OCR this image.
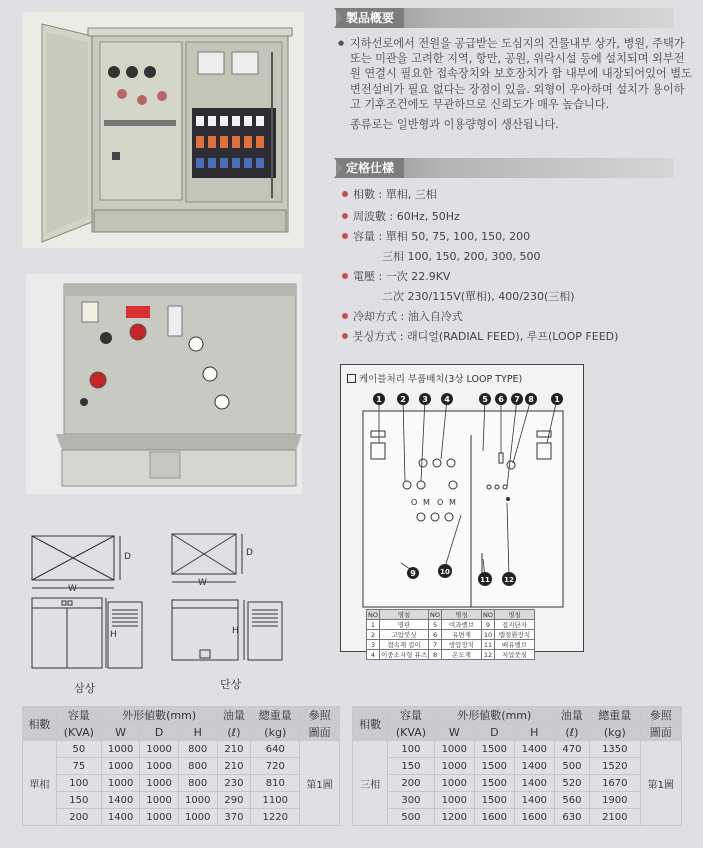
製品槪要

● 지하선로에서 전원을 공급받는 도심지의 건물내부 상가, 병원, 주택가 또는 미관을 고려한 지역, 항만, 공원, 위락시설 등에 설치되며 외부전원 연결시 필요한 접속장치와 보호장치가 함 내부에 내장되어있어 별도 변전설비가 필요 없다는 장점이 있음. 외형이 우아하며 설치가 용이하고 기후조건에도 무관하므로 신뢰도가 매우 높습니다.

종류로는 일반형과 이용량형이 생산됩니다.
定格仕樣
相數 : 單相, 三相
周波數 : 60Hz, 50Hz
容量 : 單相 50, 75, 100, 150, 200
三相 100, 150, 200, 300, 500
電壓 : 一次 22.9KV
二次 230/115V(單相), 400/230(三相)
冷却方式 : 油入自冷式
붓싱方式 : 래디얼(RADIAL FEED), 루프(LOOP FEED)
케이블처리 부품배치(3상 LOOP TYPE)
O M O M
1 2 3 4	5 6 7 8	1
9	10
11 12
NO	명칭	NO	명칭	NO	명칭
1	명판	5	여과밸브	9	접지단자
2	고압붓싱	6	유면계	10	탭절환장치
3	접속재 걸이	7	방압장치	11	배유밸브
4	이중소자형 퓨즈	8	온도계	12	저압붓싱
D
W
H
D
W
H
삼상	단상
相數	容量	外形値數(mm)			油量	總重量	參照
	(KVA)	W	D	H	(ℓ)	(kg)	圖面
單相	50	1000	1000	800	210	640	第1圖
	75	1000	1000	800	210	720	
	100	1000	1000	800	230	810	
	150	1400	1000	1000	290	1100	
	200	1400	1000	1000	370	1220	
相數	容量	外形値數(mm)			油量	總重量	參照
	(KVA)	W	D	H	(ℓ)	(kg)	圖面
三相	100	1000	1500	1400	470	1350	第1圖
	150	1000	1500	1400	500	1520	
	200	1000	1500	1400	520	1670	
	300	1000	1500	1400	560	1900	
	500	1200	1600	1600	630	2100	
